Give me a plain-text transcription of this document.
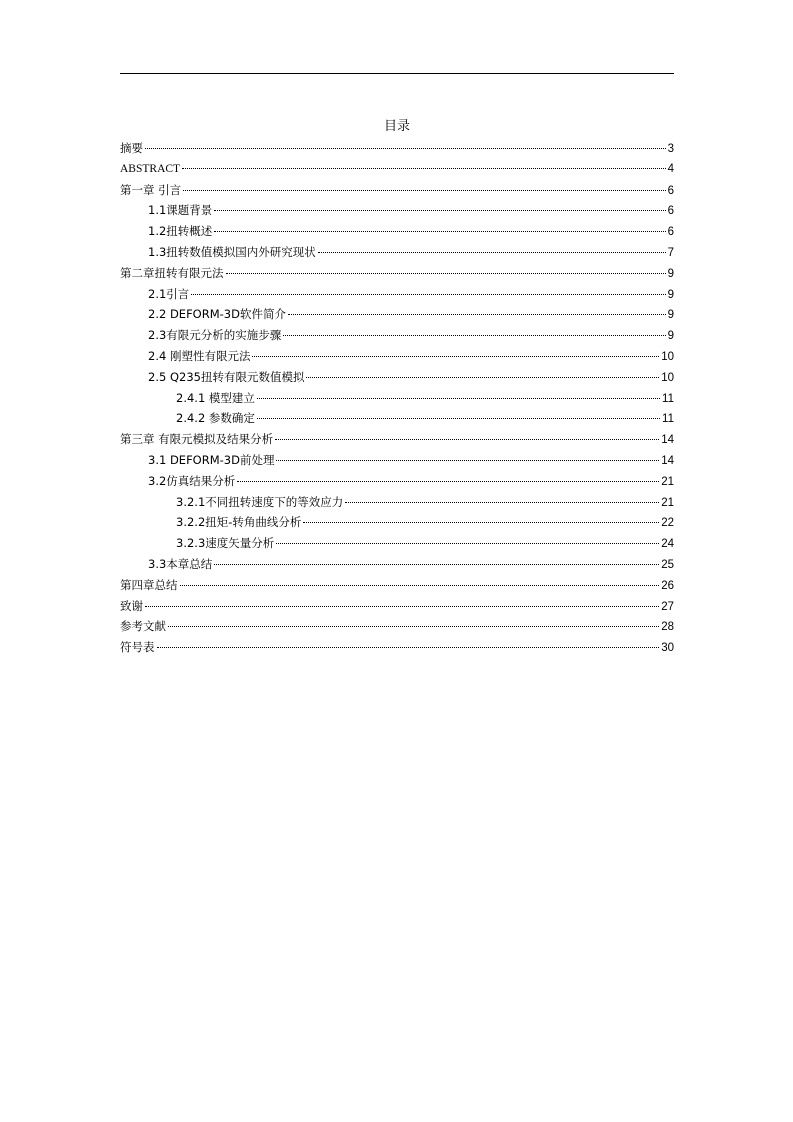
目录
摘要	3
ABSTRACT	4
第一章 引言	6
1.1课题背景	6
1.2扭转概述	6
1.3扭转数值模拟国内外研究现状	7
第二章扭转有限元法	9
2.1引言	9
2.2 DEFORM-3D软件简介	9
2.3有限元分析的实施步骤	9
2.4 刚塑性有限元法	10
2.5 Q235扭转有限元数值模拟	10
2.4.1 模型建立	11
2.4.2 参数确定	11
第三章 有限元模拟及结果分析	14
3.1 DEFORM-3D前处理	14
3.2仿真结果分析	21
3.2.1不同扭转速度下的等效应力	21
3.2.2扭矩-转角曲线分析	22
3.2.3速度矢量分析	24
3.3本章总结	25
第四章总结	26
致谢	27
参考文献	28
符号表	30
